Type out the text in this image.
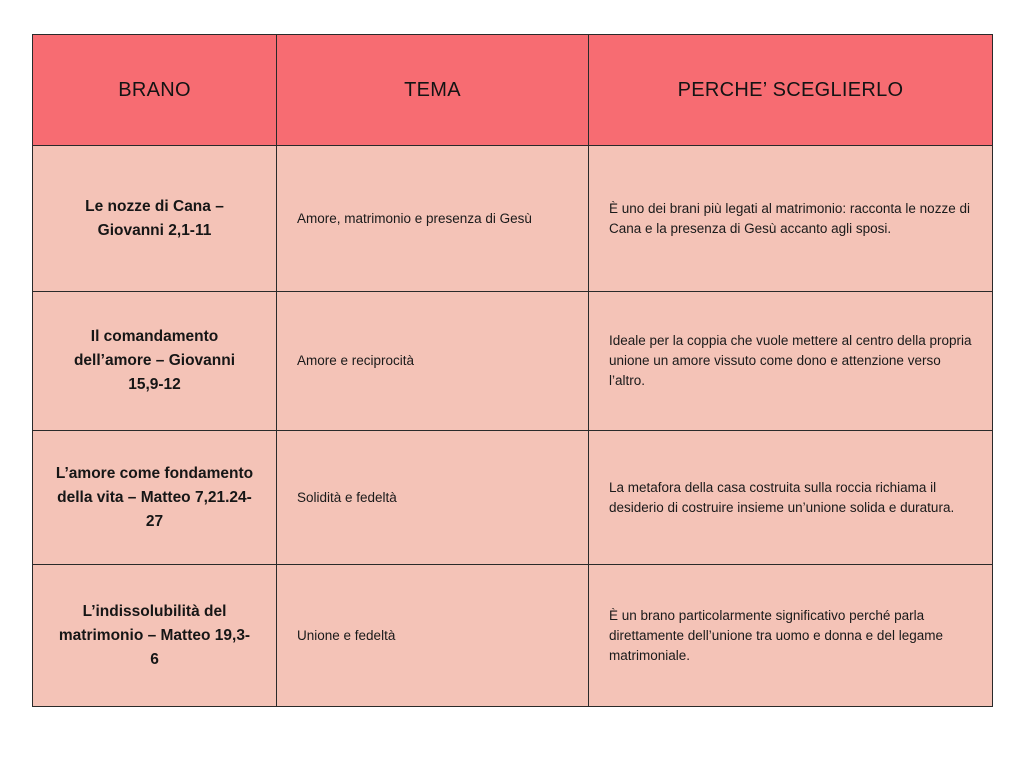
BRANO	TEMA	PERCHE’ SCEGLIERLO
Le nozze di Cana – Giovanni 2,1-11	Amore, matrimonio e presenza di Gesù	È uno dei brani più legati al matrimonio: racconta le nozze di Cana e la presenza di Gesù accanto agli sposi.
Il comandamento dell’amore – Giovanni 15,9-12	Amore e reciprocità	Ideale per la coppia che vuole mettere al centro della propria unione un amore vissuto come dono e attenzione verso l’altro.
L’amore come fondamento della vita – Matteo 7,21.24-27	Solidità e fedeltà	La metafora della casa costruita sulla roccia richiama il desiderio di costruire insieme un’unione solida e duratura.
L’indissolubilità del matrimonio – Matteo 19,3-6	Unione e fedeltà	È un brano particolarmente significativo perché parla direttamente dell’unione tra uomo e donna e del legame matrimoniale.
